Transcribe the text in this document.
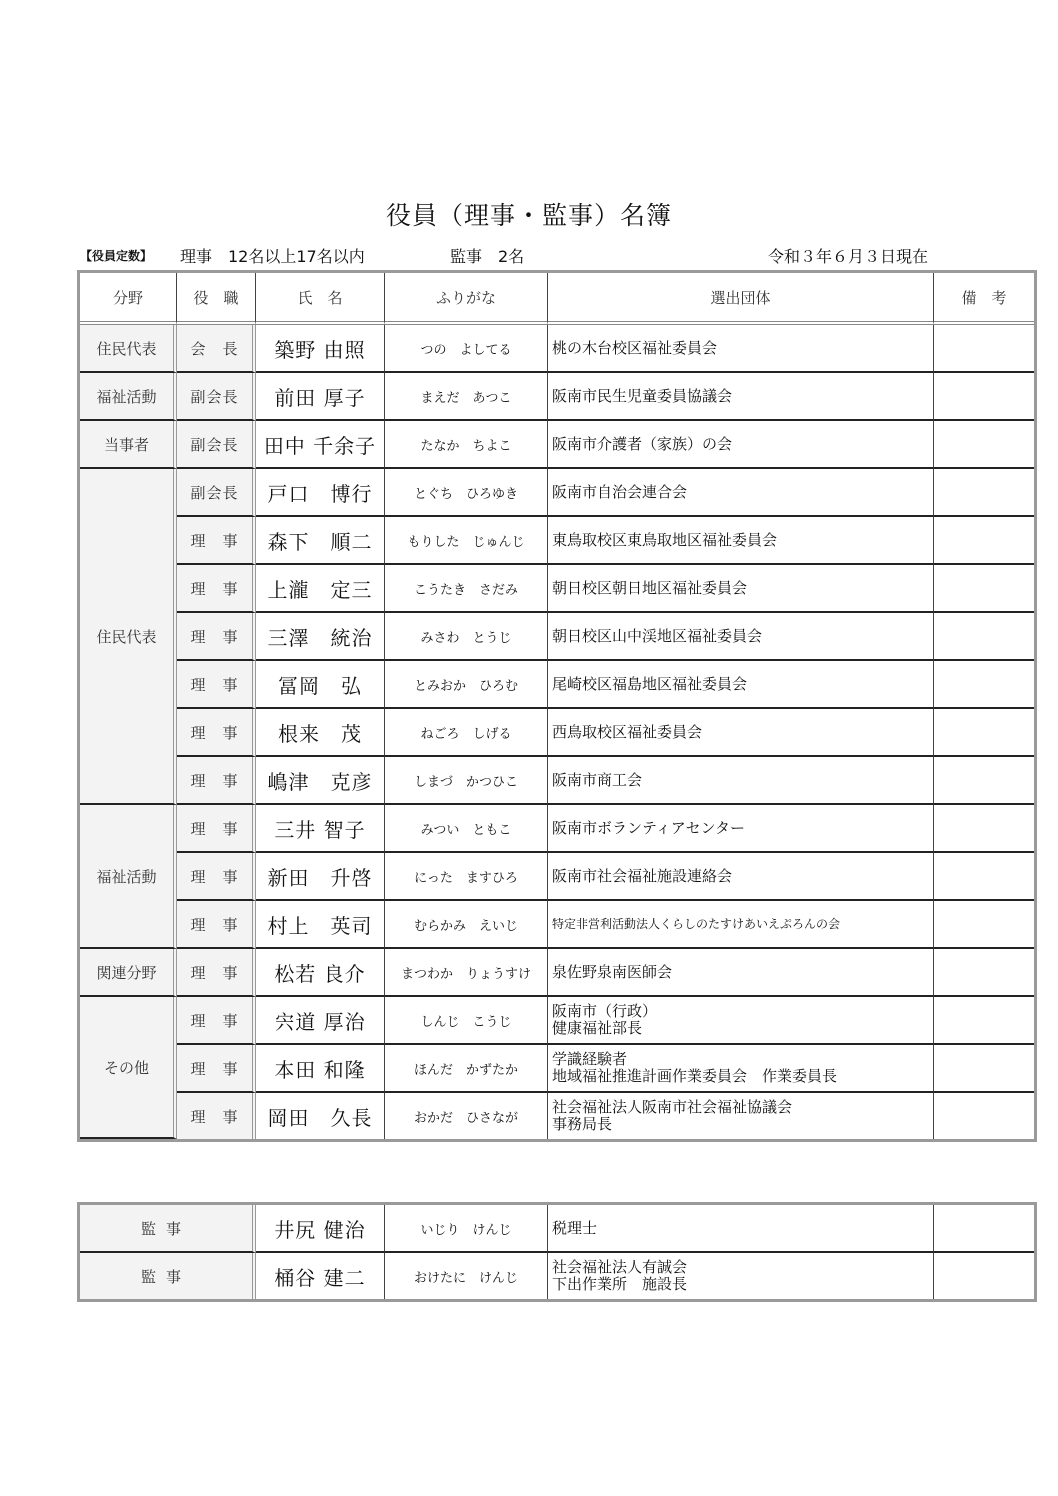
役員（理事・監事）名簿
【役員定数】 理事　12名以上17名以内	監事　2名	令和３年６月３日現在
分野	役　職	氏　名	ふりがな	選出団体	備　考
住民代表	会　長	築野 由照	つの　よしてる	桃の木台校区福祉委員会	
福祉活動	副会長	前田 厚子	まえだ　あつこ	阪南市民生児童委員協議会	
当事者	副会長	田中 千余子	たなか　ちよこ	阪南市介護者（家族）の会	
住民代表	副会長	戸口　博行	とぐち　ひろゆき	阪南市自治会連合会	
	理　事	森下　順二	もりした　じゅんじ	東鳥取校区東鳥取地区福祉委員会	
	理　事	上瀧　定三	こうたき　さだみ	朝日校区朝日地区福祉委員会	
	理　事	三澤　統治	みさわ　とうじ	朝日校区山中渓地区福祉委員会	
	理　事	冨岡　弘	とみおか　ひろむ	尾崎校区福島地区福祉委員会	
	理　事	根来　茂	ねごろ　しげる	西鳥取校区福祉委員会	
	理　事	嶋津　克彦	しまづ　かつひこ	阪南市商工会	
福祉活動	理　事	三井 智子	みつい　ともこ	阪南市ボランティアセンター	
	理　事	新田　升啓	にった　ますひろ	阪南市社会福祉施設連絡会	
	理　事	村上　英司	むらかみ　えいじ	特定非営利活動法人くらしのたすけあいえぷろんの会	
関連分野	理　事	松若 良介	まつわか　りょうすけ	泉佐野泉南医師会	
その他	理　事	宍道 厚治	しんじ　こうじ	阪南市（行政）
健康福祉部長	

	理　事	本田 和隆	ほんだ　かずたか	学識経験者
地域福祉推進計画作業委員会　作業委員長	

	理　事	岡田　久長	おかだ　ひさなが	社会福祉法人阪南市社会福祉協議会
事務局長	

監事	井尻 健治	いじり　けんじ	税理士	

監事	桶谷 建二	おけたに　けんじ	社会福祉法人有誠会
下出作業所　施設長	
